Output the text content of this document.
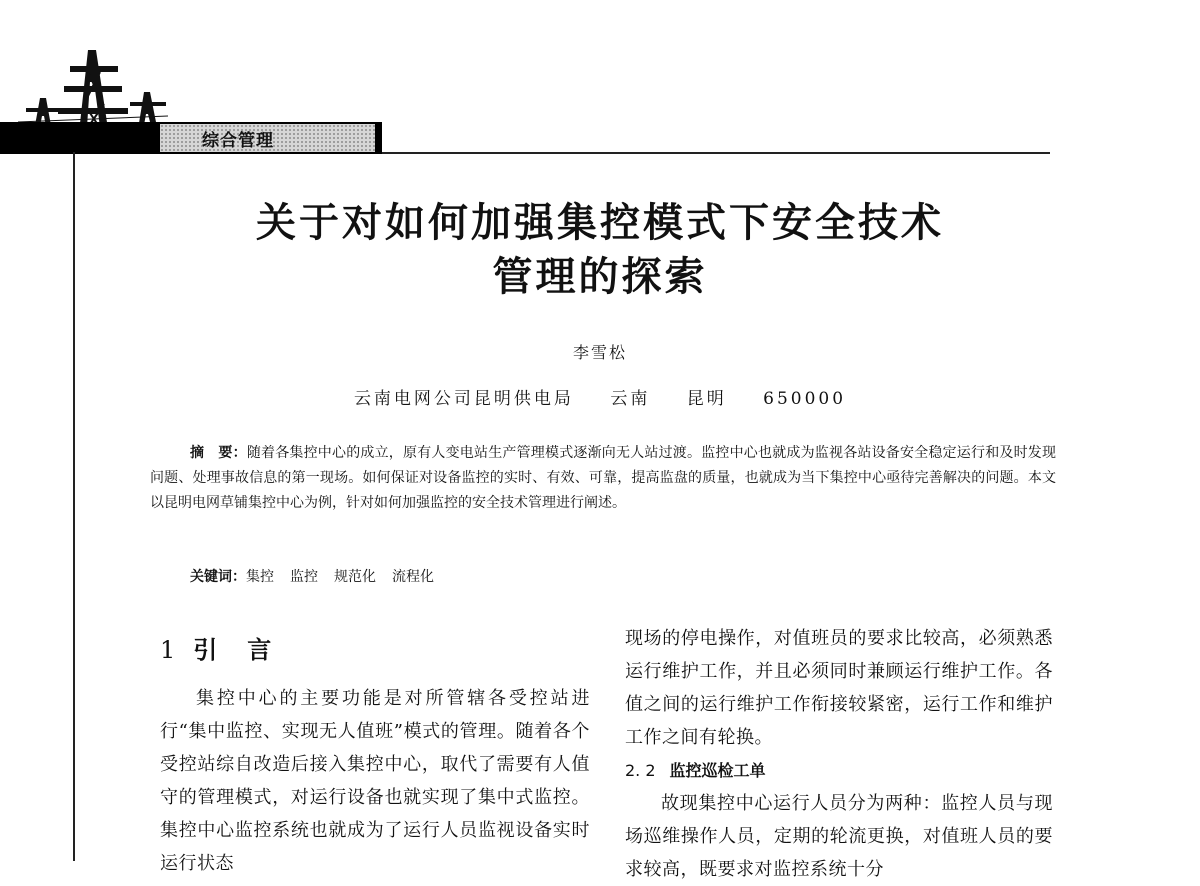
综合管理
关于对如何加强集控模式下安全技术
管理的探索
李雪松
云南电网公司昆明供电局　 云南　 昆明　 650000
摘　要：随着各集控中心的成立，原有人变电站生产管理模式逐渐向无人站过渡。监控中心也就成为监视各站设备安全稳定运行和及时发现问题、处理事故信息的第一现场。如何保证对设备监控的实时、有效、可靠，提高监盘的质量，也就成为当下集控中心亟待完善解决的问题。本文以昆明电网草铺集控中心为例，针对如何加强监控的安全技术管理进行阐述。
关键词：集控 监控 规范化 流程化
1 引 言
集控中心的主要功能是对所管辖各受控站进行“集中监控、实现无人值班”模式的管理。随着各个受控站综自改造后接入集控中心，取代了需要有人值守的管理模式，对运行设备也就实现了集中式监控。集控中心监控系统也就成为了运行人员监视设备实时运行状态
现场的停电操作，对值班员的要求比较高，必须熟悉运行维护工作，并且必须同时兼顾运行维护工作。各值之间的运行维护工作衔接较紧密，运行工作和维护工作之间有轮换。
2. 2 监控巡检工单
故现集控中心运行人员分为两种：监控人员与现场巡维操作人员，定期的轮流更换，对值班人员的要求较高，既要求对监控系统十分
